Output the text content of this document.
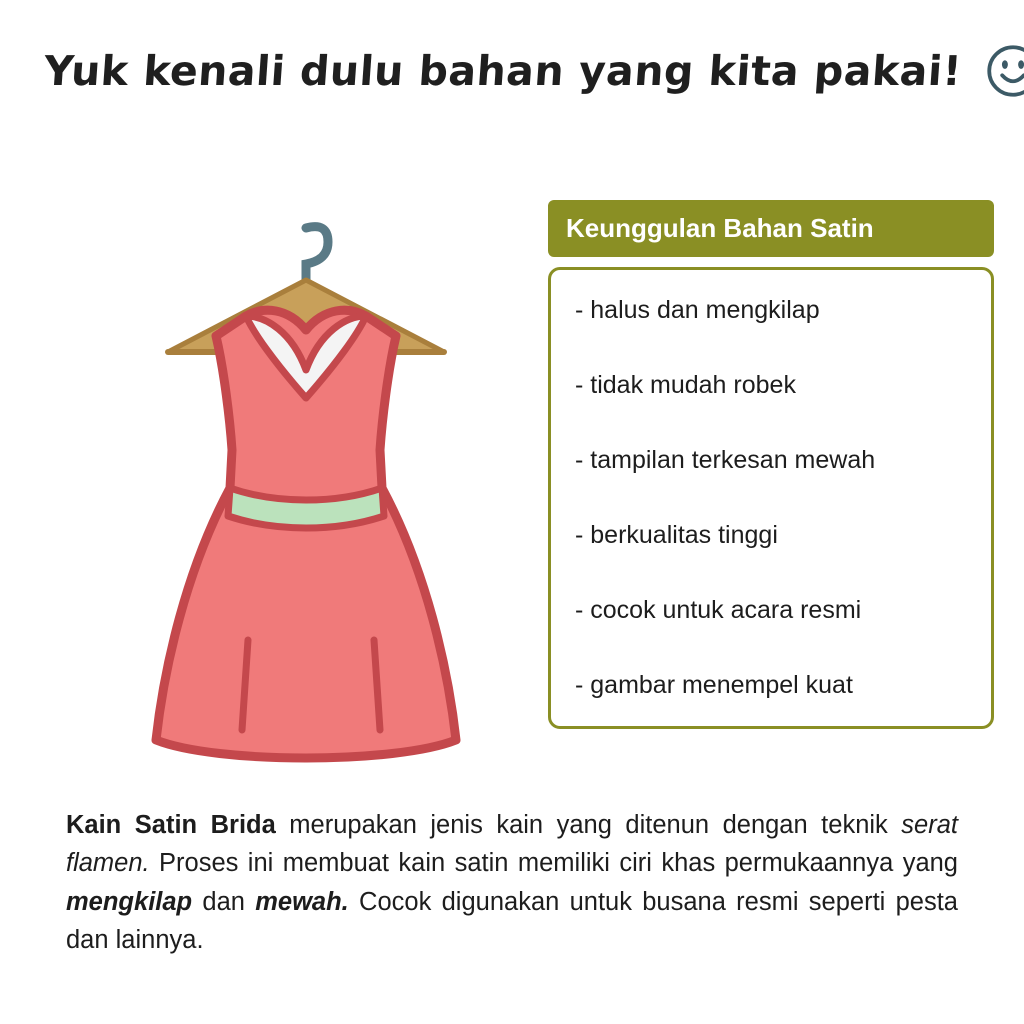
Yuk kenali dulu bahan yang kita pakai!
Keunggulan Bahan Satin
- halus dan mengkilap
- tidak mudah robek
- tampilan terkesan mewah
- berkualitas tinggi
- cocok untuk acara resmi
- gambar menempel kuat
Kain Satin Brida merupakan jenis kain yang ditenun dengan teknik serat flamen. Proses ini membuat kain satin memiliki ciri khas permukaannya yang mengkilap dan mewah. Cocok digunakan untuk busana resmi seperti pesta dan lainnya.
